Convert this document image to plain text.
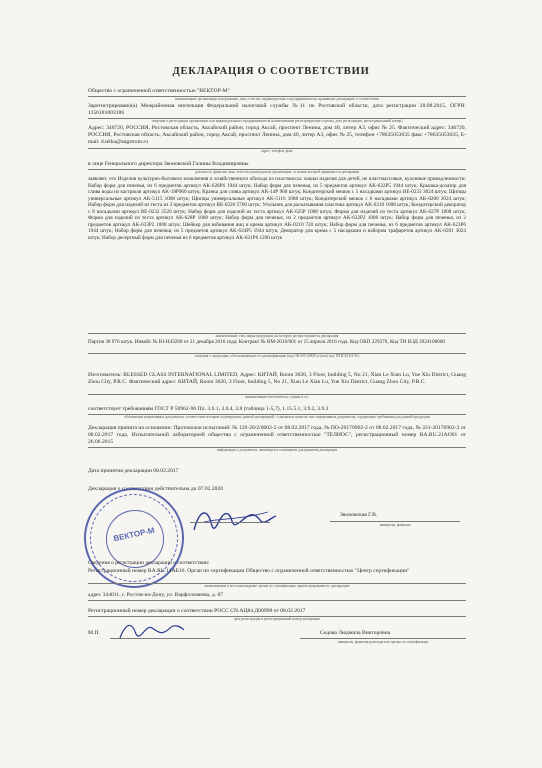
ДЕКЛАРАЦИЯ О СООТВЕТСТВИИ
Общество с ограниченной ответственностью "ВЕКТОР-М"
наименование организации или фамилия, имя, отчество индивидуального предпринимателя, принявших декларацию о соответствии
Зарегистрировано(а) Межрайонная инспекция Федеральной налоговой службы №11 по Ростовской области, дата регистрации 20.08.2015, ОГРН: 1156181003186
сведения о регистрации организации или индивидуального предпринимателя (наименование регистрирующего органа, дата регистрации, регистрационный номер)
Адрес: 346720, РОССИЯ, Ростовская область, Аксайский район, город Аксай, проспект Ленина, дом 40, литер А3, офис № 25. Фактический адрес: 346720, РОССИЯ, Ростовская область, Аксайский район, город Аксай, проспект Ленина, дом 40, литер А3, офис № 25, телефон +78635053035 факс +78635053035, E-mail: d.telba@angstrom.ru
адрес, телефон, факс
в лице Генерального директора Звоновской Галины Владимировны
должность, фамилия, имя, отчество руководителя организации, от имени которой принимается декларация
заявляет, что Изделия культурно-бытового назначения и хозяйственного обихода из пластмассы: чашки изделия для детей, не пластмассовые, кухонные принадлежности: Набор форм для печенья, из 6 предметов артикул AK-628Р6 1944 штук; Набор форм для печенья, из 5 предметов артикул AK-622Р5 1944 штук; Крышка-дозатор для слива воды из кастрюли артикул AK-18Р960 штук; Кранка для слива артикул AK-14Р 960 штук; Кондитерский мешок с 5 насадками артикул BE-0233 3024 штук; Щипцы универсальные артикул AK-5115 1008 штук; Щипцы универсальные артикул AK-5116 1008 штук; Кондитерский мешок с 6 насадками артикул AK-0200 3024 штук; Набор форм для изделий из теста из 3 предметов артикул BE-0226 5760 штук; Угольник для раскатывания пластика артикул AK-6210 1008 штук; Кондитерский декоратор с 8 насадками артикул BE-0232 2520 штук; Набор форм для изделий из теста артикул AK-625Р 1008 штук; Форма для изделий из теста артикул AK-627Р 1008 штук; Форма для изделий из теста артикул AK-628Р 1008 штук; Набор форм для печенья, из 2 предметов артикул AK-632Р2 1008 штук; Набор форм для печенья, из 2 предметов артикул AK-633Р2 1008 штук; Шейкер для взбивания яиц и крема артикул AK-0210 720 штук; Набор форм для печенья, из 6 предметов артикул AK-623Р6 1944 штук; Набор форм для печенья, из 5 предметов артикул AK-624Р5 1944 штук; Декоратор для крема с 5 насадками и набором трафаретов артикул AK-0201 3024 штук; Набор десертный форм для печенья из 6 предметов артикул AK-631Р6 1200 штук
наименование, тип, марка продукции, на которую распространяется декларация
Партия 38 976 штук. Инвойс № BI-H43268 от 21 декабря 2016 года; Контракт № BM-2016/001 от 15 апреля 2016 года. Код ОКП 229370, Код ТН ВЭД 3924100000
сведения о продукции, обеспечивающие ее идентификацию (код ОК 005 (ОКП) и (или) код ТН ВЭД ЕАЭС)
Изготовитель: BLESSED GLASS INTERNATIONAL LIMITED, Адрес: КИТАЙ, Room 3020, 3 Floor, building 5, No 21, Xian Le Xian Lu, Yue Xiu District, Guang Zhou City, P.R.C. Фактический адрес: КИТАЙ, Room 3020, 3 Floor, building 5, No 21, Xian Le Xian Lu, Yue Xiu District, Guang Zhou City, P.R.C.
наименование изготовителя, страны и т.п.
соответствует требованиям ГОСТ Р 50962-96 Пп. 3.6.1, 3.6.4, 3.8 (таблица 1-5,7), 1.15.5.1, 3.9.2, 3.9.3
обозначение нормативных документов, соответствие которым подтверждено данной декларацией, с указанием пунктов этих нормативных документов, содержащих требования для данной продукции
Декларация принята на основании: Протоколов испытаний: № 129-20/2/0002-2 от 08.02.2017 года, № ПО-20170902-2 от 08.02.2017 года, № 331-20170902-2 от 08.02.2017 года, Испытательной лабораторией общества с ограниченной ответственностью "ТЕЛНОС", регистрационный номер RA.RU.21AO01 от 26.06.2015
информация о документах, являющихся основанием для принятия декларации
Дата принятия декларации 08.02.2017
Декларация о соответствии действительна до 07.02.2020
ВЕКТОР-М
Звоновская Г.В.
инициалы, фамилия
Сведения о регистрации декларации о соответствии:
Регистрационный номер RA.RU.11АБ16. Орган по сертификации Общество с ограниченной ответственностью "Центр сертификации"
наименование и местонахождение органа по сертификации, зарегистрировавшего декларацию
адрес 344011, г. Ростов-на-Дону, ул. Варфоломеева, д. 87
Регистрационный номер декларации о соответствии РОСС CN.АЦ84.Д00998 от 08.02.2017
дата регистрации и регистрационный номер декларации
М.П.	Седова Людмила Викторовна
инициалы, фамилия руководителя органа по сертификации
